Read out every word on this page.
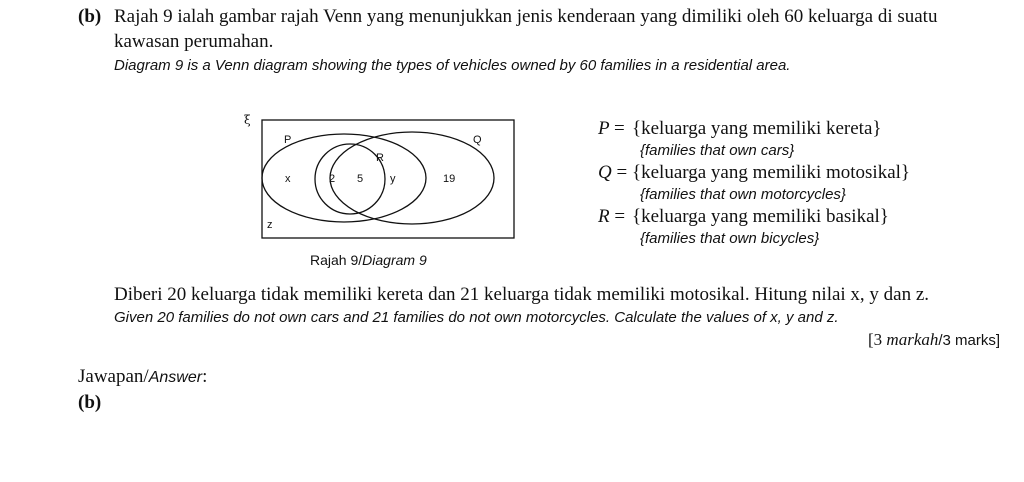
(b) Rajah 9 ialah gambar rajah Venn yang menunjukkan jenis kenderaan yang dimiliki oleh 60 keluarga di suatu
kawasan perumahan.
Diagram 9 is a Venn diagram showing the types of vehicles owned by 60 families in a residential area.
ξ
P	Q
R
x	2 5 y	19
z
Rajah 9/Diagram 9
P = {keluarga yang memiliki kereta}
{families that own cars}
Q = {keluarga yang memiliki motosikal}
{families that own motorcycles}
R = {keluarga yang memiliki basikal}
{families that own bicycles}
Diberi 20 keluarga tidak memiliki kereta dan 21 keluarga tidak memiliki motosikal. Hitung nilai x, y dan z.
Given 20 families do not own cars and 21 families do not own motorcycles. Calculate the values of x, y and z.
[3 markah/3 marks]
Jawapan/Answer:
(b)
